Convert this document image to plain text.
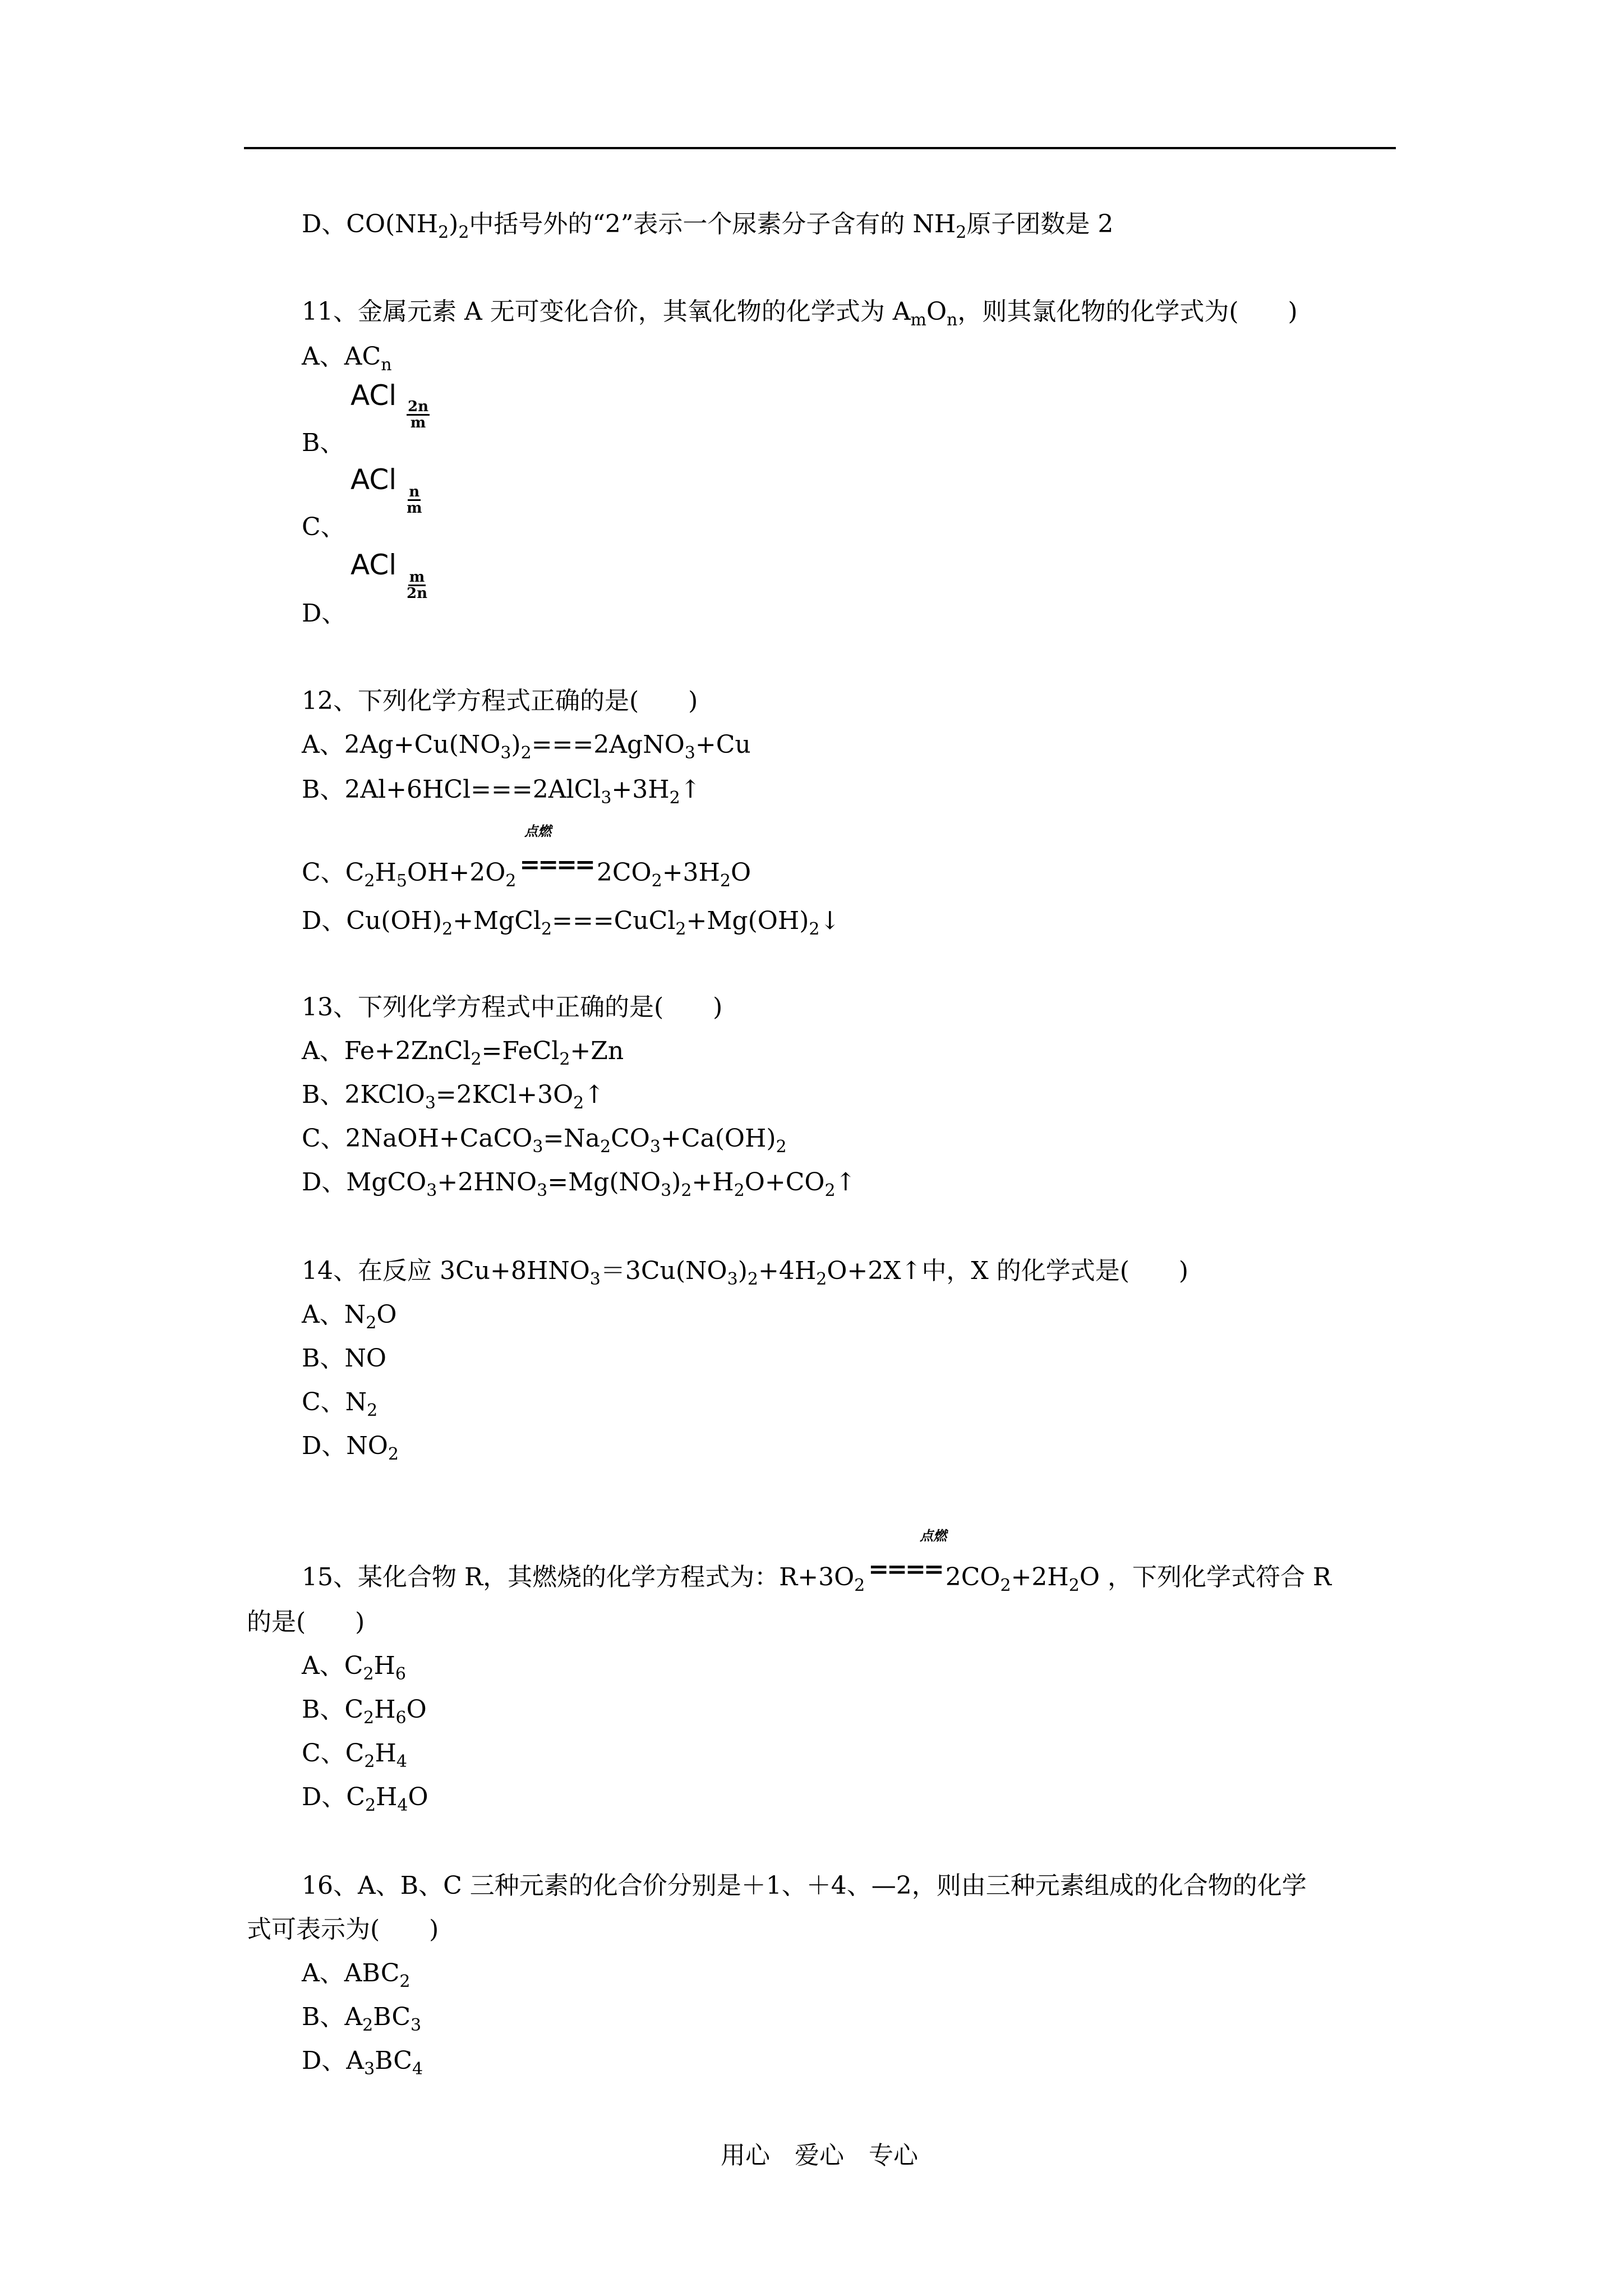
D、$CO(NH_2)_2$中括号外的“2”表示一个尿素分子含有的 $NH_2$原子团数是 2
11、金属元素 A 无可变化合价，其氧化物的化学式为 $A_mO_n$，则其氯化物的化学式为(　　)
A、$AC_n$
ACl
$\frac{2n}{m}$
B、
ACl
$\frac{n}{m}$
C、
ACl
$\frac{m}{2n}$
D、
12、下列化学方程式正确的是(　　)
A、$2Ag+Cu(NO_3)_2===2AgNO_3+Cu$
B、$2Al+6HCl===2AlCl_3+3H_2↑$
点燃
C、$C_2H_5OH+2O_2==== 2CO_2+3H_2O$
D、$Cu(OH)_2+MgCl_2===CuCl_2+Mg(OH)_2↓$
13、下列化学方程式中正确的是(　　)
A、Fe+2ZnCl$_2$=FeCl$_2$+Zn
B、$2KClO_3=2KCl+3O_2↑$
C、$2NaOH+CaCO_3=Na_2CO_3+Ca(OH)_2$
D、$MgCO_3+2HNO_3=Mg(NO_3)_2+H_2O+CO_2↑$
14、在反应 $3Cu+8HNO_3=3Cu(NO_3)_2+4H_2O+2X↑$中，X 的化学式是(　　)
A、$N_2O$
B、NO
C、$N_2$
D、$NO_2$
点燃
15、某化合物 R，其燃烧的化学方程式为：$R+3O_2==== 2CO_2+2H_2O$ ，下列化学式符合 R
的是(　　)
A、$C_2H_6$
B、$C_2H_6O$
C、$C_2H_4$
D、$C_2H_4O$
16、A、B、C 三种元素的化合价分别是＋1、＋4、—2，则由三种元素组成的化合物的化学
式可表示为(　　)
A、$ABC_2$
B、$A_2BC_3$
D、$A_3BC_4$
用心　爱心　专心
